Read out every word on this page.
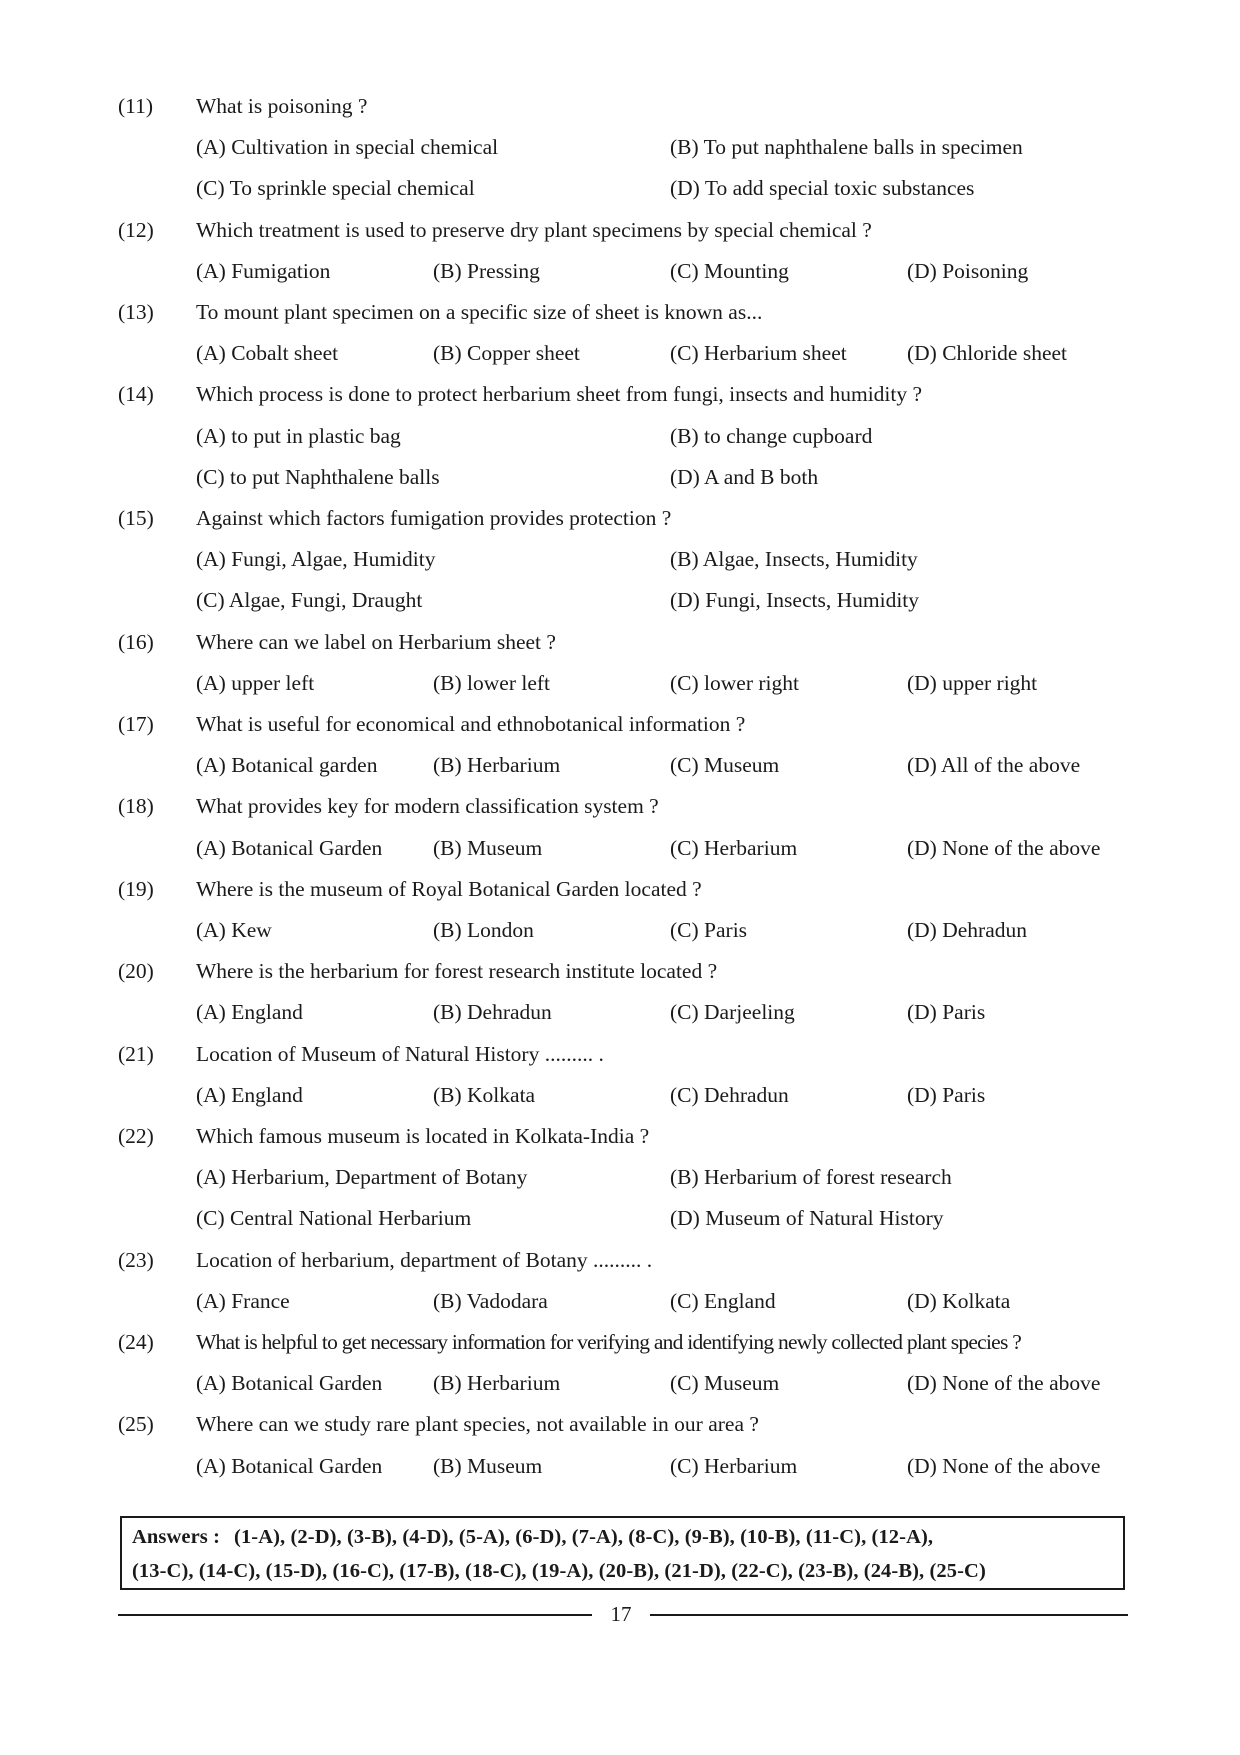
(11) What is poisoning ?
(A) Cultivation in special chemical	(B) To put naphthalene balls in specimen
(C) To sprinkle special chemical	(D) To add special toxic substances
(12) Which treatment is used to preserve dry plant specimens by special chemical ?
(A) Fumigation	(B) Pressing	(C) Mounting	(D) Poisoning
(13) To mount plant specimen on a specific size of sheet is known as...
(A) Cobalt sheet	(B) Copper sheet	(C) Herbarium sheet	(D) Chloride sheet
(14) Which process is done to protect herbarium sheet from fungi, insects and humidity ?
(A) to put in plastic bag	(B) to change cupboard
(C) to put Naphthalene balls	(D) A and B both
(15) Against which factors fumigation provides protection ?
(A) Fungi, Algae, Humidity	(B) Algae, Insects, Humidity
(C) Algae, Fungi, Draught	(D) Fungi, Insects, Humidity
(16) Where can we label on Herbarium sheet ?
(A) upper left	(B) lower left	(C) lower right	(D) upper right
(17) What is useful for economical and ethnobotanical information ?
(A) Botanical garden	(B) Herbarium	(C) Museum	(D) All of the above
(18) What provides key for modern classification system ?
(A) Botanical Garden (B) Museum	(C) Herbarium	(D) None of the above
(19) Where is the museum of Royal Botanical Garden located ?
(A) Kew	(B) London	(C) Paris	(D) Dehradun
(20) Where is the herbarium for forest research institute located ?
(A) England	(B) Dehradun	(C) Darjeeling	(D) Paris
(21) Location of Museum of Natural History ......... .
(A) England	(B) Kolkata	(C) Dehradun	(D) Paris
(22) Which famous museum is located in Kolkata-India ?
(A) Herbarium, Department of Botany	(B) Herbarium of forest research
(C) Central National Herbarium	(D) Museum of Natural History
(23) Location of herbarium, department of Botany ......... .
(A) France	(B) Vadodara	(C) England	(D) Kolkata
(24) What is helpful to get necessary information for verifying and identifying newly collected plant species ?
(A) Botanical Garden (B) Herbarium	(C) Museum	(D) None of the above
(25) Where can we study rare plant species, not available in our area ?
(A) Botanical Garden (B) Museum	(C) Herbarium	(D) None of the above
Answers : (1-A), (2-D), (3-B), (4-D), (5-A), (6-D), (7-A), (8-C), (9-B), (10-B), (11-C), (12-A),
(13-C), (14-C), (15-D), (16-C), (17-B), (18-C), (19-A), (20-B), (21-D), (22-C), (23-B), (24-B), (25-C)
17
